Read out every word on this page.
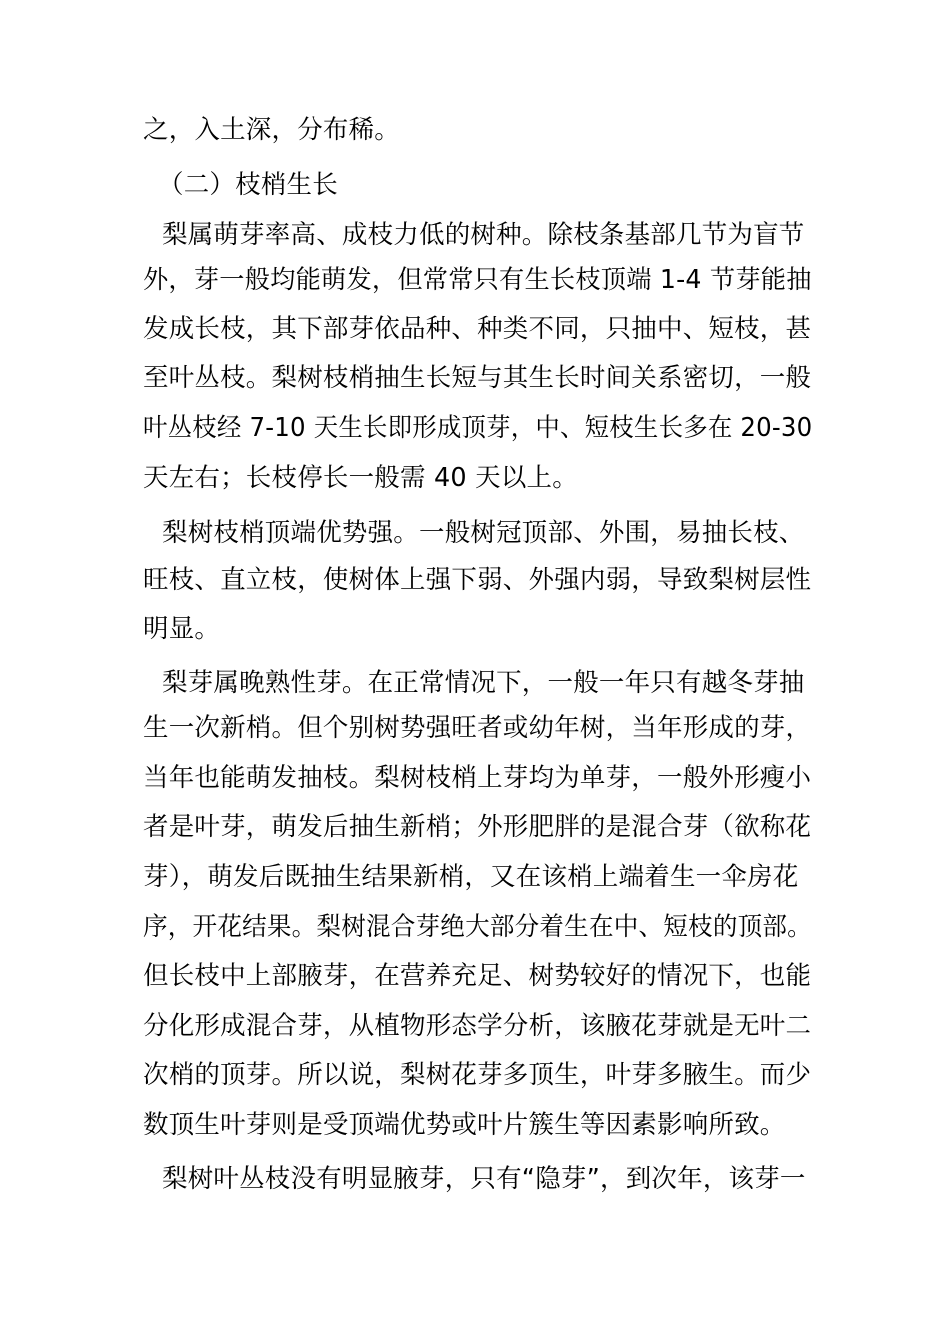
之，入土深，分布稀。
（二）枝梢生长
梨属萌芽率高、成枝力低的树种。除枝条基部几节为盲节
外，芽一般均能萌发，但常常只有生长枝顶端 1-4 节芽能抽
发成长枝，其下部芽依品种、种类不同，只抽中、短枝，甚
至叶丛枝。梨树枝梢抽生长短与其生长时间关系密切，一般
叶丛枝经 7-10 天生长即形成顶芽，中、短枝生长多在 20-30
天左右；长枝停长一般需 40 天以上。
梨树枝梢顶端优势强。一般树冠顶部、外围，易抽长枝、
旺枝、直立枝，使树体上强下弱、外强内弱，导致梨树层性
明显。
梨芽属晚熟性芽。在正常情况下，一般一年只有越冬芽抽
生一次新梢。但个别树势强旺者或幼年树，当年形成的芽，
当年也能萌发抽枝。梨树枝梢上芽均为单芽，一般外形瘦小
者是叶芽，萌发后抽生新梢；外形肥胖的是混合芽（欲称花
芽），萌发后既抽生结果新梢，又在该梢上端着生一伞房花
序，开花结果。梨树混合芽绝大部分着生在中、短枝的顶部。
但长枝中上部腋芽，在营养充足、树势较好的情况下，也能
分化形成混合芽，从植物形态学分析，该腋花芽就是无叶二
次梢的顶芽。所以说，梨树花芽多顶生，叶芽多腋生。而少
数顶生叶芽则是受顶端优势或叶片簇生等因素影响所致。
梨树叶丛枝没有明显腋芽，只有“隐芽”，到次年，该芽一
